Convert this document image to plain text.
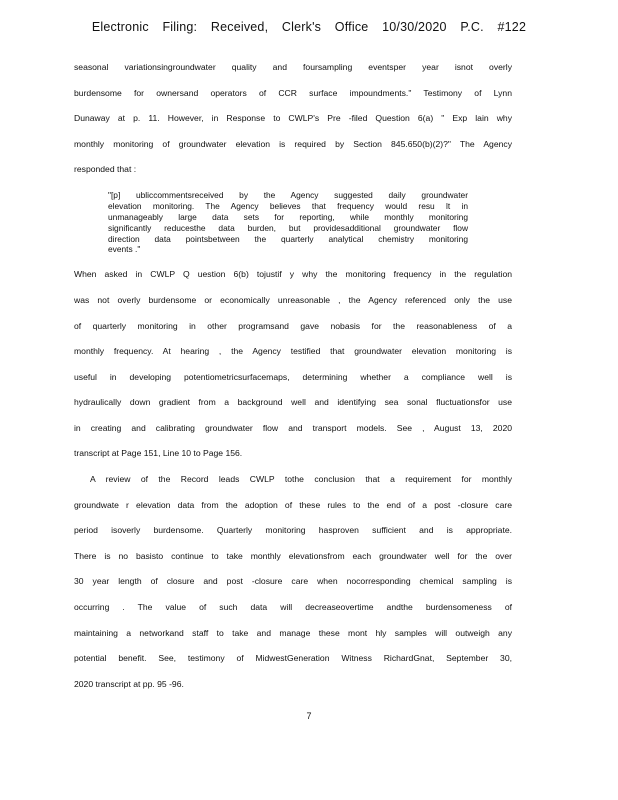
Electronic Filing: Received, Clerk's Office 10/30/2020 P.C. #122
seasonal variationsingroundwater quality and foursampling eventsper year isnot overly
burdensome for ownersand operators of CCR surface impoundments." Testimony of Lynn
Dunaway at p. 11. However, in Response to CWLP's Pre -filed Question 6(a) " Exp lain why
monthly monitoring of groundwater elevation is required by Section 845.650(b)(2)?" The Agency
responded that :
"[p] ubliccommentsreceived by the Agency suggested daily groundwater
elevation monitoring. The Agency believes that frequency would resu lt in
unmanageably large data sets for reporting, while monthly monitoring
significantly reducesthe data burden, but providesadditional groundwater flow
direction data pointsbetween the quarterly analytical chemistry monitoring
events ."
When asked in CWLP Q uestion 6(b) tojustif y why the monitoring frequency in the regulation
was not overly burdensome or economically unreasonable , the Agency referenced only the use
of quarterly monitoring in other programsand gave nobasis for the reasonableness of a
monthly frequency. At hearing , the Agency testified that groundwater elevation monitoring is
useful in developing potentiometricsurfacemaps, determining whether a compliance well is
hydraulically down gradient from a background well and identifying sea sonal fluctuationsfor use
in creating and calibrating groundwater flow and transport models. See , August 13, 2020
transcript at Page 151, Line 10 to Page 156.
A review of the Record leads CWLP tothe conclusion that a requirement for monthly
groundwate r elevation data from the adoption of these rules to the end of a post -closure care
period isoverly burdensome. Quarterly monitoring hasproven sufficient and is appropriate.
There is no basisto continue to take monthly elevationsfrom each groundwater well for the over
30 year length of closure and post -closure care when nocorresponding chemical sampling is
occurring . The value of such data will decreaseovertime andthe burdensomeness of
maintaining a networkand staff to take and manage these mont hly samples will outweigh any
potential benefit. See, testimony of MidwestGeneration Witness RichardGnat, September 30,
2020 transcript at pp. 95 -96.
7
